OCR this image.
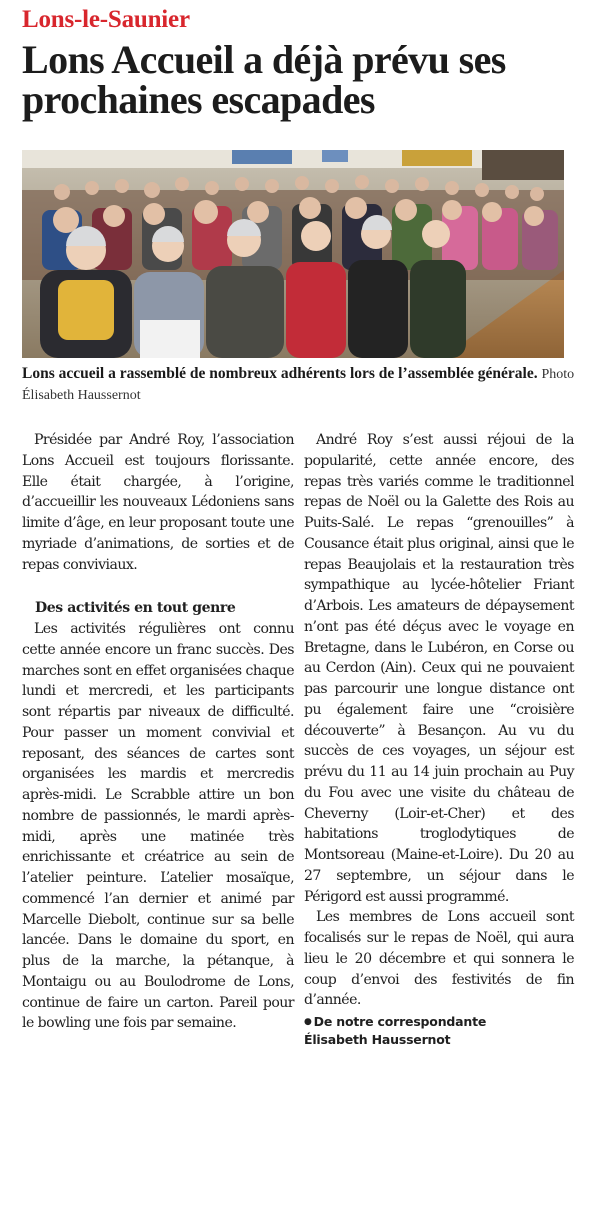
Lons-le-Saunier
Lons Accueil a déjà prévu ses prochaines escapades
Lons accueil a rassemblé de nombreux adhérents lors de l’assemblée générale. Photo Élisabeth Haussernot

Présidée par André Roy, l’association Lons Accueil est toujours florissante. Elle était chargée, à l’origine, d’accueillir les nouveaux Lédoniens sans limite d’âge, en leur proposant toute une myriade d’animations, de sorties et de repas conviviaux.

Des activités en tout genre

Les activités régulières ont connu cette année encore un franc succès. Des marches sont en effet organisées chaque lundi et mercredi, et les participants sont répartis par niveaux de difficulté. Pour passer un moment convivial et reposant, des séances de cartes sont organisées les mardis et mercredis après-midi. Le Scrabble attire un bon nombre de passionnés, le mardi après-midi, après une matinée très enrichissante et créatrice au sein de l’atelier peinture. L’atelier mosaïque, commencé l’an dernier et animé par Marcelle Diebolt, continue sur sa belle lancée. Dans le domaine du sport, en plus de la marche, la pétanque, à Montaigu ou au Boulodrome de Lons, continue de faire un carton. Pareil pour le bowling une fois par semaine.

André Roy s’est aussi réjoui de la popularité, cette année encore, des repas très variés comme le traditionnel repas de Noël ou la Galette des Rois au Puits-Salé. Le repas “grenouilles” à Cousance était plus original, ainsi que le repas Beaujolais et la restauration très sympathique au lycée-hôtelier Friant d’Arbois. Les amateurs de dépaysement n’ont pas été déçus avec le voyage en Bretagne, dans le Lubéron, en Corse ou au Cerdon (Ain). Ceux qui ne pouvaient pas parcourir une longue distance ont pu également faire une “croisière découverte” à Besançon. Au vu du succès de ces voyages, un séjour est prévu du 11 au 14 juin prochain au Puy du Fou avec une visite du château de Cheverny (Loir-et-Cher) et des habitations troglodytiques de Montsoreau (Maine-et-Loire). Du 20 au 27 septembre, un séjour dans le Périgord est aussi programmé.

Les membres de Lons accueil sont focalisés sur le repas de Noël, qui aura lieu le 20 décembre et qui sonnera le coup d’envoi des festivités de fin d’année.

● De notre correspondante
Élisabeth Haussernot
